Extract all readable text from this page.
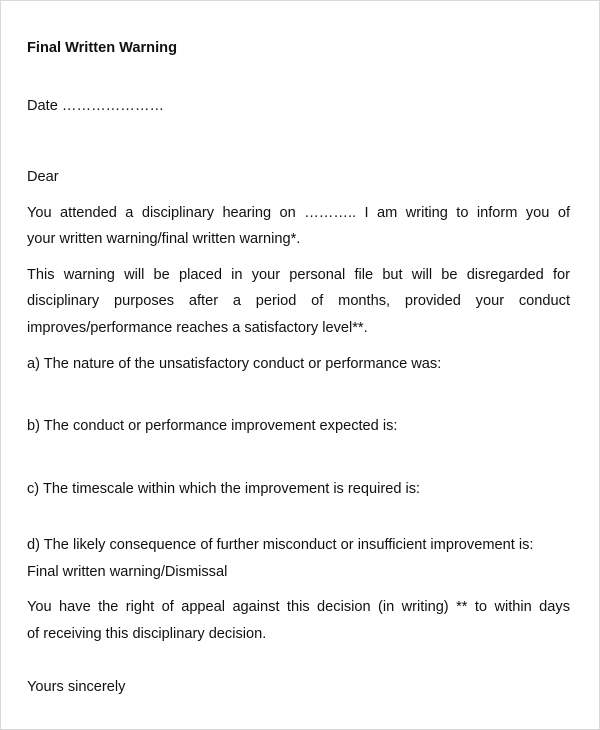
Final Written Warning
Date …………………
Dear
You attended a disciplinary hearing on ……….. I am writing to inform you of
your written warning/final written warning*.
This warning will be placed in your personal file but will be disregarded for
disciplinary purposes after a period of months, provided your conduct
improves/performance reaches a satisfactory level**.
a) The nature of the unsatisfactory conduct or performance was:
b) The conduct or performance improvement expected is:
c) The timescale within which the improvement is required is:
d) The likely consequence of further misconduct or insufficient improvement is:
Final written warning/Dismissal
You have the right of appeal against this decision (in writing) ** to within days
of receiving this disciplinary decision.
Yours sincerely
